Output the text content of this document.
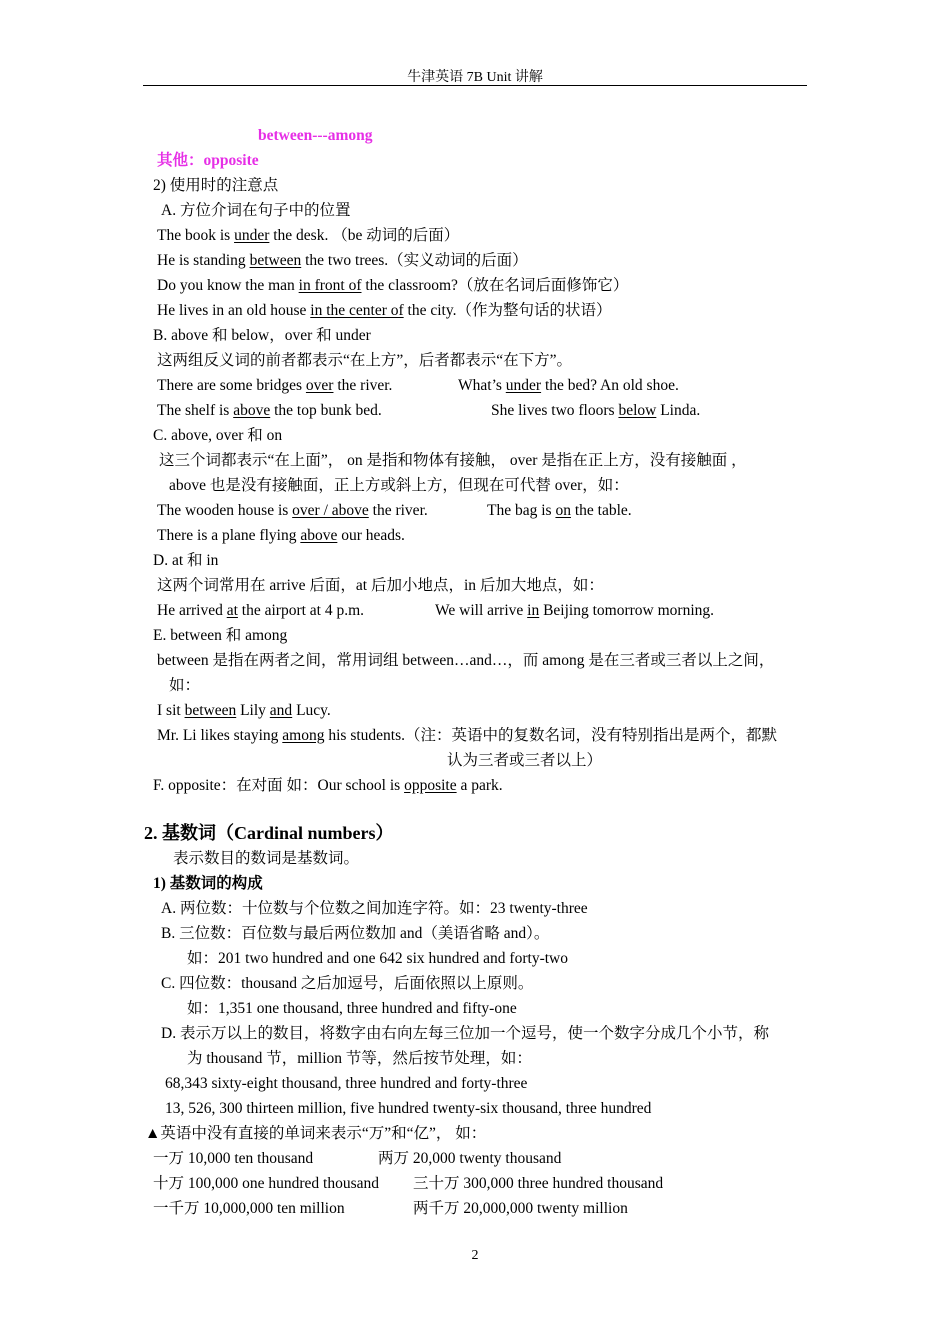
牛津英语 7B Unit 讲解
between---among
其他：opposite
2) 使用时的注意点
A. 方位介词在句子中的位置
The book is under the desk. （be 动词的后面）
He is standing between the two trees.（实义动词的后面）
Do you know the man in front of the classroom?（放在名词后面修饰它）
He lives in an old house in the center of the city.（作为整句话的状语）
B. above 和 below，over 和 under
这两组反义词的前者都表示“在上方”，后者都表示“在下方”。
There are some bridges over the river.	What’s under the bed? An old shoe.
The shelf is above the top bunk bed.	She lives two floors below Linda.
C. above, over 和 on
这三个词都表示“在上面”， on 是指和物体有接触， over 是指在正上方，没有接触面 ，
above 也是没有接触面，正上方或斜上方，但现在可代替 over，如：
The wooden house is over / above the river.	The bag is on the table.
There is a plane flying above our heads.
D. at 和 in
这两个词常用在 arrive 后面，at 后加小地点，in 后加大地点，如：
He arrived at the airport at 4 p.m.	We will arrive in Beijing tomorrow morning.
E. between 和 among
between 是指在两者之间，常用词组 between…and…，而 among 是在三者或三者以上之间，
如：
I sit between Lily and Lucy.
Mr. Li likes staying among his students.（注：英语中的复数名词，没有特别指出是两个，都默
认为三者或三者以上）
F. opposite：在对面 如：Our school is opposite a park.
2. 基数词（Cardinal numbers）
表示数目的数词是基数词。
1) 基数词的构成
A. 两位数：十位数与个位数之间加连字符。如：23 twenty-three
B. 三位数：百位数与最后两位数加 and（美语省略 and）。
如：201 two hundred and one 642 six hundred and forty-two
C. 四位数：thousand 之后加逗号，后面依照以上原则。
如：1,351 one thousand, three hundred and fifty-one
D. 表示万以上的数目，将数字由右向左每三位加一个逗号，使一个数字分成几个小节，称
为 thousand 节，million 节等，然后按节处理，如：
68,343 sixty-eight thousand, three hundred and forty-three
13, 526, 300 thirteen million, five hundred twenty-six thousand, three hundred
▲英语中没有直接的单词来表示“万”和“亿”， 如：
一万 10,000 ten thousand	两万 20,000 twenty thousand
十万 100,000 one hundred thousand 三十万 300,000 three hundred thousand
一千万 10,000,000 ten million	两千万 20,000,000 twenty million
2
